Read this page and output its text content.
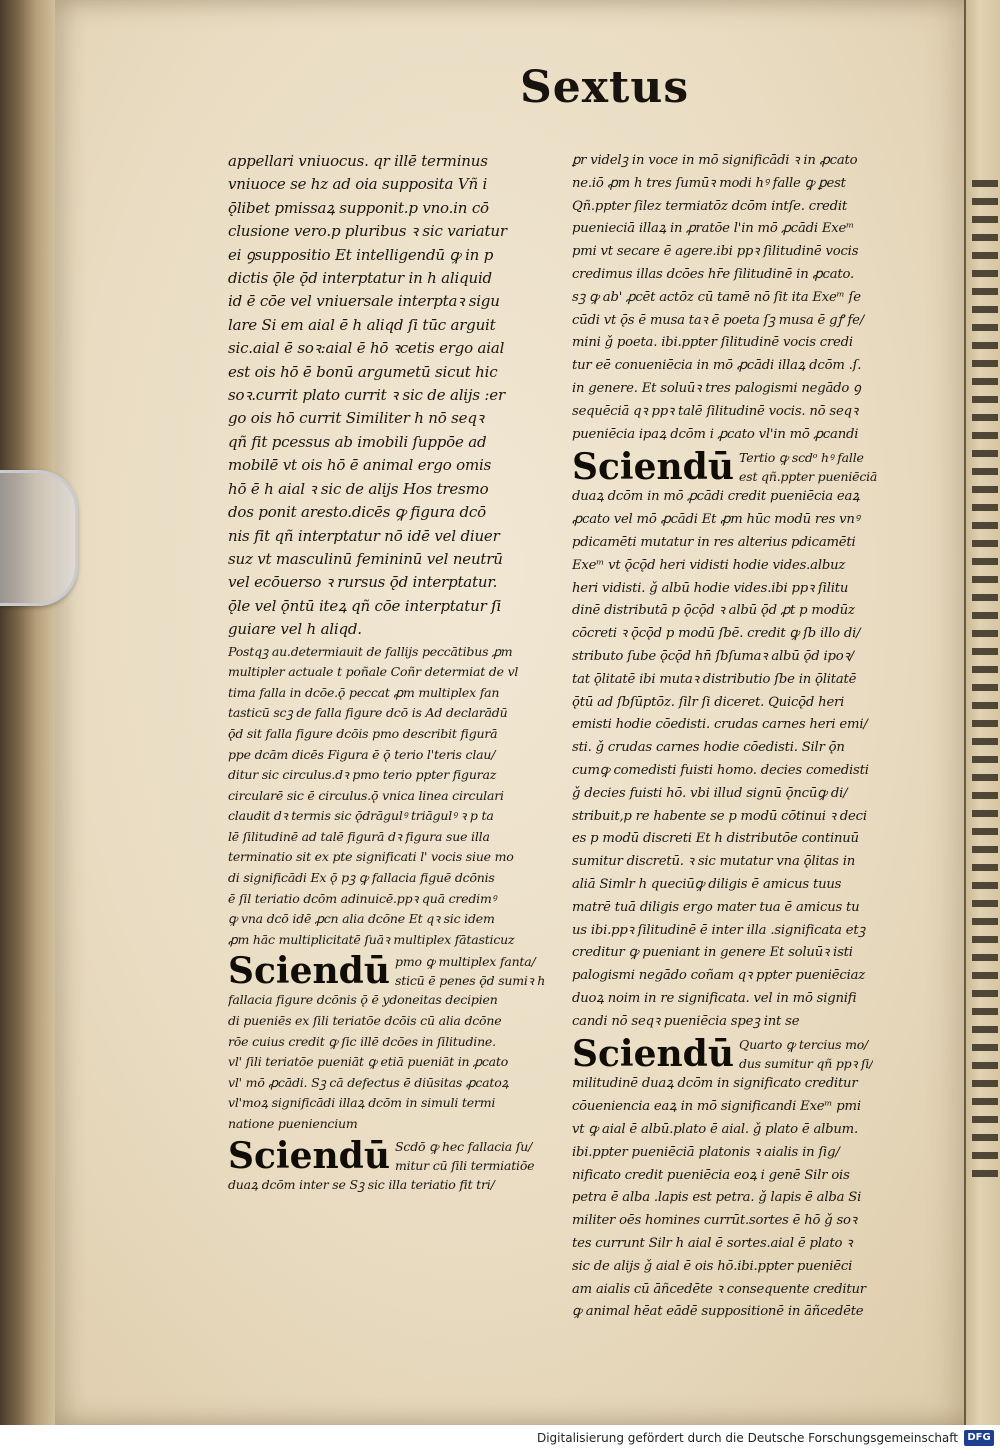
Sextus
appellari vniuocus. qr illē terminus
vniuoce se hz ad oia supposita Vñ i
ǭlibet pmissaꝝ supponit.p vno.in cō
clusione vero.p pluribus ꝛ sic variatur
ei ꝯsuppositio Et intelligendū ꝙ in p
dictis ǭle ǭd interptatur in h aliquid
id ē cōe vel vniuersale interptaꝛ sigu
lare Si em aial ē h aliqd ſi tūc arguit
sic.aial ē soꝛ:aial ē hō ꝛcetis ergo aial
est ois hō ē bonū argumetū sicut hic
soꝛ.currit plato currit ꝛ sic de alijs :er
go ois hō currit Similiter h nō seqꝛ
qñ fit pcessus ab imobili ſuppōe ad
mobilē vt ois hō ē animal ergo omis
hō ē h aial ꝛ sic de alijs Hos tresmo
dos ponit aresto.dicēs ꝙ figura dcō
nis fit qñ interptatur nō idē vel diuer
suz vt masculinū femininū vel neutrū
vel ecōuerso ꝛ rursus ǭd interptatur.
ǭle vel ǭntū iteꝝ qñ cōe interptatur ſi
guiare vel h aliqd.
Postqꝫ au.determiauit de fallijs peccātibus ꝓm
multipler actuale t poñale Coñr determiat de vl
tima falla in dcōe.ǭ peccat ꝓm multiplex fan
tasticū scꝫ de falla figure dcō is Ad declarādū
ǭd sit falla figure dcōis pmo describit figurā
ppe dcām dicēs Figura ē ǭ terio l'teris clau/
ditur sic circulus.dꝛ pmo terio ppter figuraz
circularē sic ē circulus.ǭ vnica linea circulari
claudit dꝛ termis sic ǭdrāgulꝰ triāgulꝰ ꝛ p ta
lē ſilitudinē ad talē figurā dꝛ figura sue illa
terminatio sit ex pte significati l' vocis siue mo
di significādi Ex ǭ pꝫ ꝙ fallacia figuē dcōnis
ē ſil teriatio dcōm adinuicē.ppꝛ quā credimꝰ
ꝙ vna dcō idē ꝓcn alia dcōne Et qꝛ sic idem
ꝓm hāc multiplicitatē ſuāꝛ multiplex fātasticuz
Sciendū pmo ꝙ multiplex fanta/
sticū ē penes ǭd sumiꝛ h
fallacia figure dcōnis ǭ ē ydoneitas decipien
di pueniēs ex ſili teriatōe dcōis cū alia dcōne
rōe cuius credit ꝙ ſic illē dcōes in ſilitudine.
vl' ſili teriatōe pueniāt ꝙ etiā pueniāt in ꝓcato
vl' mō ꝓcādi. Sꝫ cā defectus ē diūsitas ꝓcatoꝝ
vl'moꝝ significādi illaꝝ dcōm in simuli termi
natione pueniencium
Sciendū Scdō ꝙ hec fallacia ſu/
mitur cū ſili termiatiōe
duaꝝ dcōm inter se Sꝫ sic illa teriatio fit tri/
ꝑr videlꝫ in voce in mō significādi ꝛ in ꝓcato
ne.iō ꝓm h tres ſumūꝛ modi hꝰ falle ꝙ ꝑest
Qñ.ppter ſilez termiatōz dcōm intſe. credit
puenieciā illaꝝ in ꝓratōe l'in mō ꝓcādi Exeᵐ
pmi vt secare ē agere.ibi ppꝛ ſilitudinē vocis
credimus illas dcōes hr̄e ſilitudinē in ꝓcato.
sꝫ ꝙ ab' ꝓcēt actōz cū tamē nō ſit ita Exeᵐ ſe
cūdi vt ǭs ē musa taꝛ ē poeta ſꝫ musa ē gꝭ fe/
mini ǧ poeta. ibi.ppter ſilitudinē vocis credi
tur eē conueniēcia in mō ꝓcādi illaꝝ dcōm .ſ.
in genere. Et soluūꝛ tres palogismi negādo ꝯ
sequēciā qꝛ ppꝛ talē ſilitudinē vocis. nō seqꝛ
pueniēcia ipaꝝ dcōm i ꝓcato vl'in mō ꝓcandi
Sciendū Tertio ꝙ scdᵒ hꝰ falle
est qñ.ppter pueniēciā
duaꝝ dcōm in mō ꝓcādi credit pueniēcia eaꝝ
ꝓcato vel mō ꝓcādi Et ꝓm hūc modū res vnꝰ
pdicamēti mutatur in res alterius pdicamēti
Exeᵐ vt ǭcǭd heri vidisti hodie vides.albuz
heri vidisti. ǧ albū hodie vides.ibi ppꝛ ſilitu
dinē distributā p ǭcǭd ꝛ albū ǭd ꝓt p modūz
cōcreti ꝛ ǭcǭd p modū ſbē. credit ꝙ ſb illo di/
stributo ſube ǭcǭd hn̄ ſbſumaꝛ albū ǭd ipoꝛ/
tat ǭlitatē ibi mutaꝛ distributio ſbe in ǭlitatē
ǭtū ad ſbſūptōz. ſilr ſi diceret. Quicǭd heri
emisti hodie cōedisti. crudas carnes heri emi/
sti. ǧ crudas carnes hodie cōedisti. Silr ǭn
cumꝙ comedisti fuisti homo. decies comedisti
ǧ decies fuisti hō. vbi illud signū ǭncūꝙ di/
stribuit,p re habente se p modū cōtinui ꝛ deci
es p modū discreti Et h distributōe continuū
sumitur discretū. ꝛ sic mutatur vna ǭlitas in
aliā Simlr h queciūꝙ diligis ē amicus tuus
matrē tuā diligis ergo mater tua ē amicus tu
us ibi.ppꝛ ſilitudinē ē inter illa .significata etꝫ
creditur ꝙ pueniant in genere Et soluūꝛ isti
palogismi negādo coñam qꝛ ppter pueniēciaz
duoꝝ noim in re significata. vel in mō signifi
candi nō seqꝛ pueniēcia speꝫ int se
Sciendū Quarto ꝙ tercius mo/
dus sumitur qñ ppꝛ ſi/
militudinē duaꝝ dcōm in significato creditur
cōueniencia eaꝝ in mō significandi Exeᵐ pmi
vt ꝙ aial ē albū.plato ē aial. ǧ plato ē album.
ibi.ppter pueniēciā platonis ꝛ aialis in ſig/
nificato credit pueniēcia eoꝝ i genē Silr ois
petra ē alba .lapis est petra. ǧ lapis ē alba Si
militer oēs homines currūt.sortes ē hō ǧ soꝛ
tes currunt Silr h aial ē sortes.aial ē plato ꝛ
sic de alijs ǧ aial ē ois hō.ibi.ppter pueniēci
am aialis cū āñcedēte ꝛ consequente creditur
ꝙ animal hēat eādē suppositionē in āñcedēte
Digitalisierung gefördert durch die Deutsche Forschungsgemeinschaft DFG
